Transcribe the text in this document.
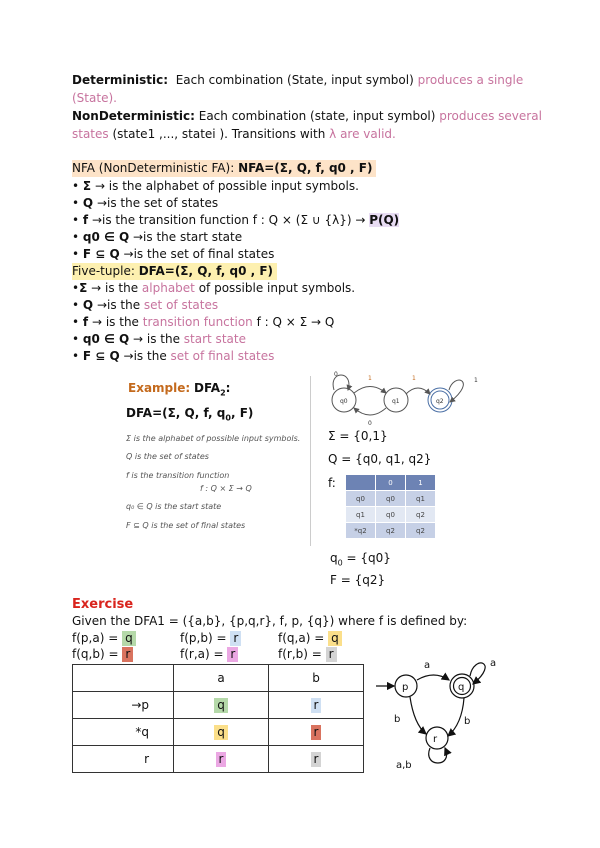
Deterministic: Each combination (State, input symbol) produces a single
(State).
NonDeterministic: Each combination (state, input symbol) produces several
states (state1 ,..., statei ). Transitions with λ are valid.
NFA (NonDeterministic FA): NFA=(Σ, Q, f, q0 , F)
• Σ → is the alphabet of possible input symbols.
• Q →is the set of states
• f →is the transition function f : Q × (Σ ∪ {λ}) → P(Q)
• q0 ∈ Q →is the start state
• F ⊆ Q →is the set of final states
Five-tuple: DFA=(Σ, Q, f, q0 , F)
•Σ → is the alphabet of possible input symbols.
• Q →is the set of states
• f → is the transition function f : Q × Σ → Q
• q0 ∈ Q → is the start state
• F ⊆ Q →is the set of final states
Example: $DFA_2$:
DFA=(Σ, Q, f, $q_0$, F)
Σ is the alphabet of possible input symbols.
Q is the set of states
f is the transition function
f : Q × Σ → Q
q₀ ∈ Q is the start state
F ⊆ Q is the set of final states
q0	q1	q2
1	1
0
0
1
Σ = {0,1}
Q = {q0, q1, q2}
f:
		0	1
q0	q0	q1
q1	q0	q2
*q2	q2	q2
$q_0 = \{q0\}$
F = {q2}
Exercise
Given the DFA1 = ({a,b}, {p,q,r}, f, p, {q}) where f is defined by:
f(p,a) = q	f(p,b) = r	f(q,a) = q
f(q,b) = r	f(r,a) = r	f(r,b) = r
	a	b
→p	q	r
*q	q	r
r	r	r
p	q
r
a	a
b	b
a,b
